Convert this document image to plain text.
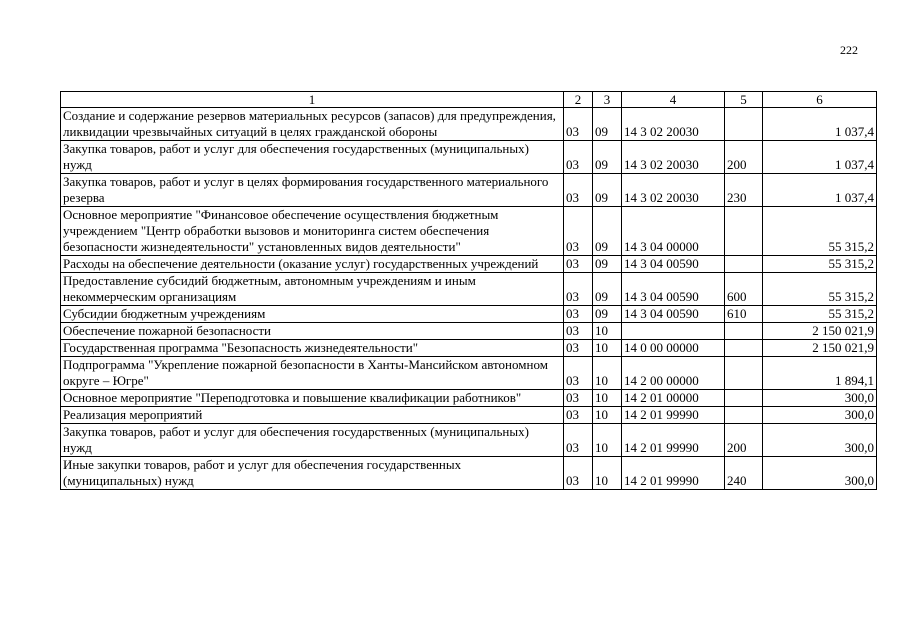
222
1	2	3	4	5	6
Создание и содержание резервов материальных ресурсов (запасов) для предупреждения, ликвидации чрезвычайных ситуаций в целях гражданской обороны	03	09	14 3 02 20030		1 037,4
Закупка товаров, работ и услуг для обеспечения государственных (муниципальных) нужд	03	09	14 3 02 20030	200	1 037,4
Закупка товаров, работ и услуг в целях формирования государственного материального резерва	03	09	14 3 02 20030	230	1 037,4
Основное мероприятие "Финансовое обеспечение осуществления бюджетным учреждением "Центр обработки вызовов и мониторинга систем обеспечения безопасности жизнедеятельности" установленных видов деятельности"	03	09	14 3 04 00000		55 315,2
Расходы на обеспечение деятельности (оказание услуг) государственных учреждений	03	09	14 3 04 00590		55 315,2
Предоставление субсидий бюджетным, автономным учреждениям и иным некоммерческим организациям	03	09	14 3 04 00590	600	55 315,2
Субсидии бюджетным учреждениям	03	09	14 3 04 00590	610	55 315,2
Обеспечение пожарной безопасности	03	10			2 150 021,9
Государственная программа "Безопасность жизнедеятельности"	03	10	14 0 00 00000		2 150 021,9
Подпрограмма "Укрепление пожарной безопасности в Ханты-Мансийском автономном округе – Югре"	03	10	14 2 00 00000		1 894,1
Основное мероприятие "Переподготовка и повышение квалификации работников"	03	10	14 2 01 00000		300,0
Реализация мероприятий	03	10	14 2 01 99990		300,0
Закупка товаров, работ и услуг для обеспечения государственных (муниципальных) нужд	03	10	14 2 01 99990	200	300,0
Иные закупки товаров, работ и услуг для обеспечения государственных (муниципальных) нужд	03	10	14 2 01 99990	240	300,0
